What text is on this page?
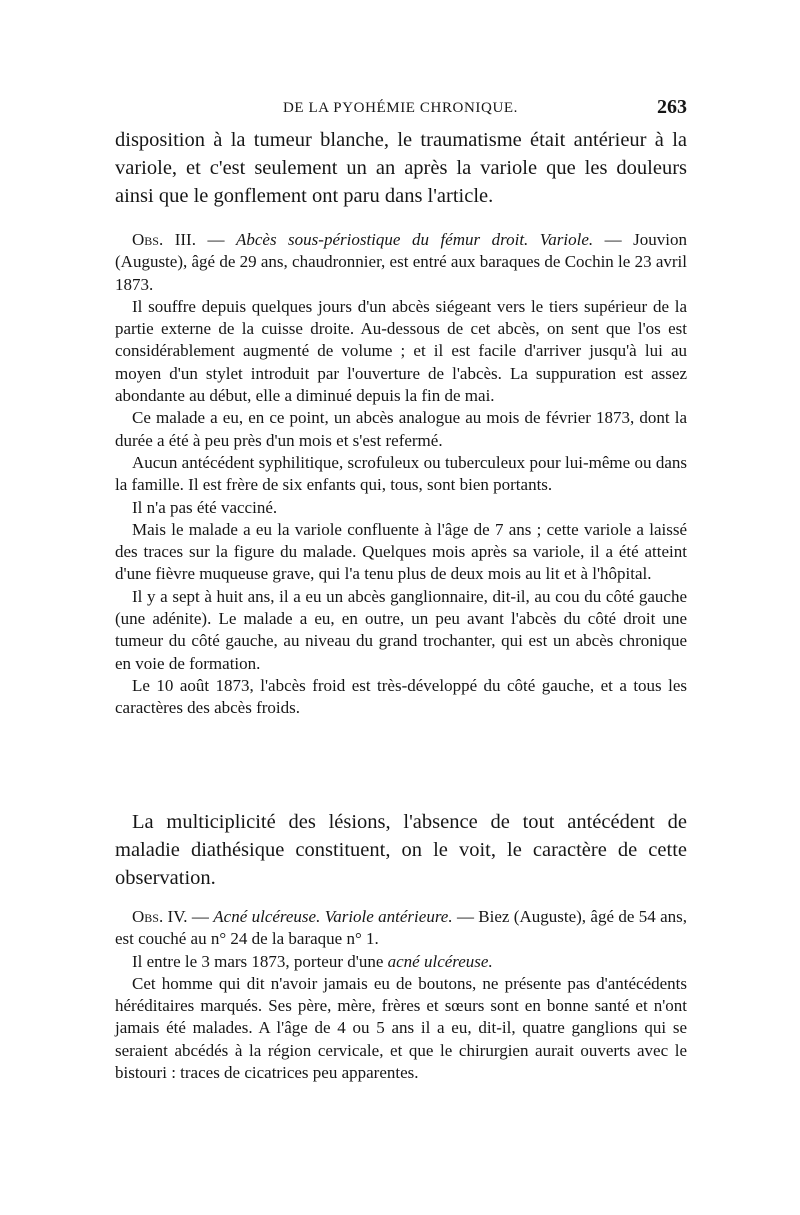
DE LA PYOHÉMIE CHRONIQUE.	263

disposition à la tumeur blanche, le traumatisme était antérieur à la variole, et c'est seulement un an après la variole que les douleurs ainsi que le gonflement ont paru dans l'article.

Obs. III. — Abcès sous-périostique du fémur droit. Variole. — Jouvion (Auguste), âgé de 29 ans, chaudronnier, est entré aux baraques de Cochin le 23 avril 1873.

Il souffre depuis quelques jours d'un abcès siégeant vers le tiers supérieur de la partie externe de la cuisse droite. Au-dessous de cet abcès, on sent que l'os est considérablement augmenté de volume ; et il est facile d'arriver jusqu'à lui au moyen d'un stylet introduit par l'ouverture de l'abcès. La suppuration est assez abondante au début, elle a diminué depuis la fin de mai.

Ce malade a eu, en ce point, un abcès analogue au mois de février 1873, dont la durée a été à peu près d'un mois et s'est refermé.

Aucun antécédent syphilitique, scrofuleux ou tuberculeux pour lui-même ou dans la famille. Il est frère de six enfants qui, tous, sont bien portants.

Il n'a pas été vacciné.

Mais le malade a eu la variole confluente à l'âge de 7 ans ; cette variole a laissé des traces sur la figure du malade. Quelques mois après sa variole, il a été atteint d'une fièvre muqueuse grave, qui l'a tenu plus de deux mois au lit et à l'hôpital.

Il y a sept à huit ans, il a eu un abcès ganglionnaire, dit-il, au cou du côté gauche (une adénite). Le malade a eu, en outre, un peu avant l'abcès du côté droit une tumeur du côté gauche, au niveau du grand trochanter, qui est un abcès chronique en voie de formation.

Le 10 août 1873, l'abcès froid est très-développé du côté gauche, et a tous les caractères des abcès froids.

La multiciplicité des lésions, l'absence de tout antécédent de maladie diathésique constituent, on le voit, le caractère de cette observation.

Obs. IV. — Acné ulcéreuse. Variole antérieure. — Biez (Auguste), âgé de 54 ans, est couché au n° 24 de la baraque n° 1.

Il entre le 3 mars 1873, porteur d'une acné ulcéreuse.

Cet homme qui dit n'avoir jamais eu de boutons, ne présente pas d'antécédents héréditaires marqués. Ses père, mère, frères et sœurs sont en bonne santé et n'ont jamais été malades. A l'âge de 4 ou 5 ans il a eu, dit-il, quatre ganglions qui se seraient abcédés à la région cervicale, et que le chirurgien aurait ouverts avec le bistouri : traces de cicatrices peu apparentes.
